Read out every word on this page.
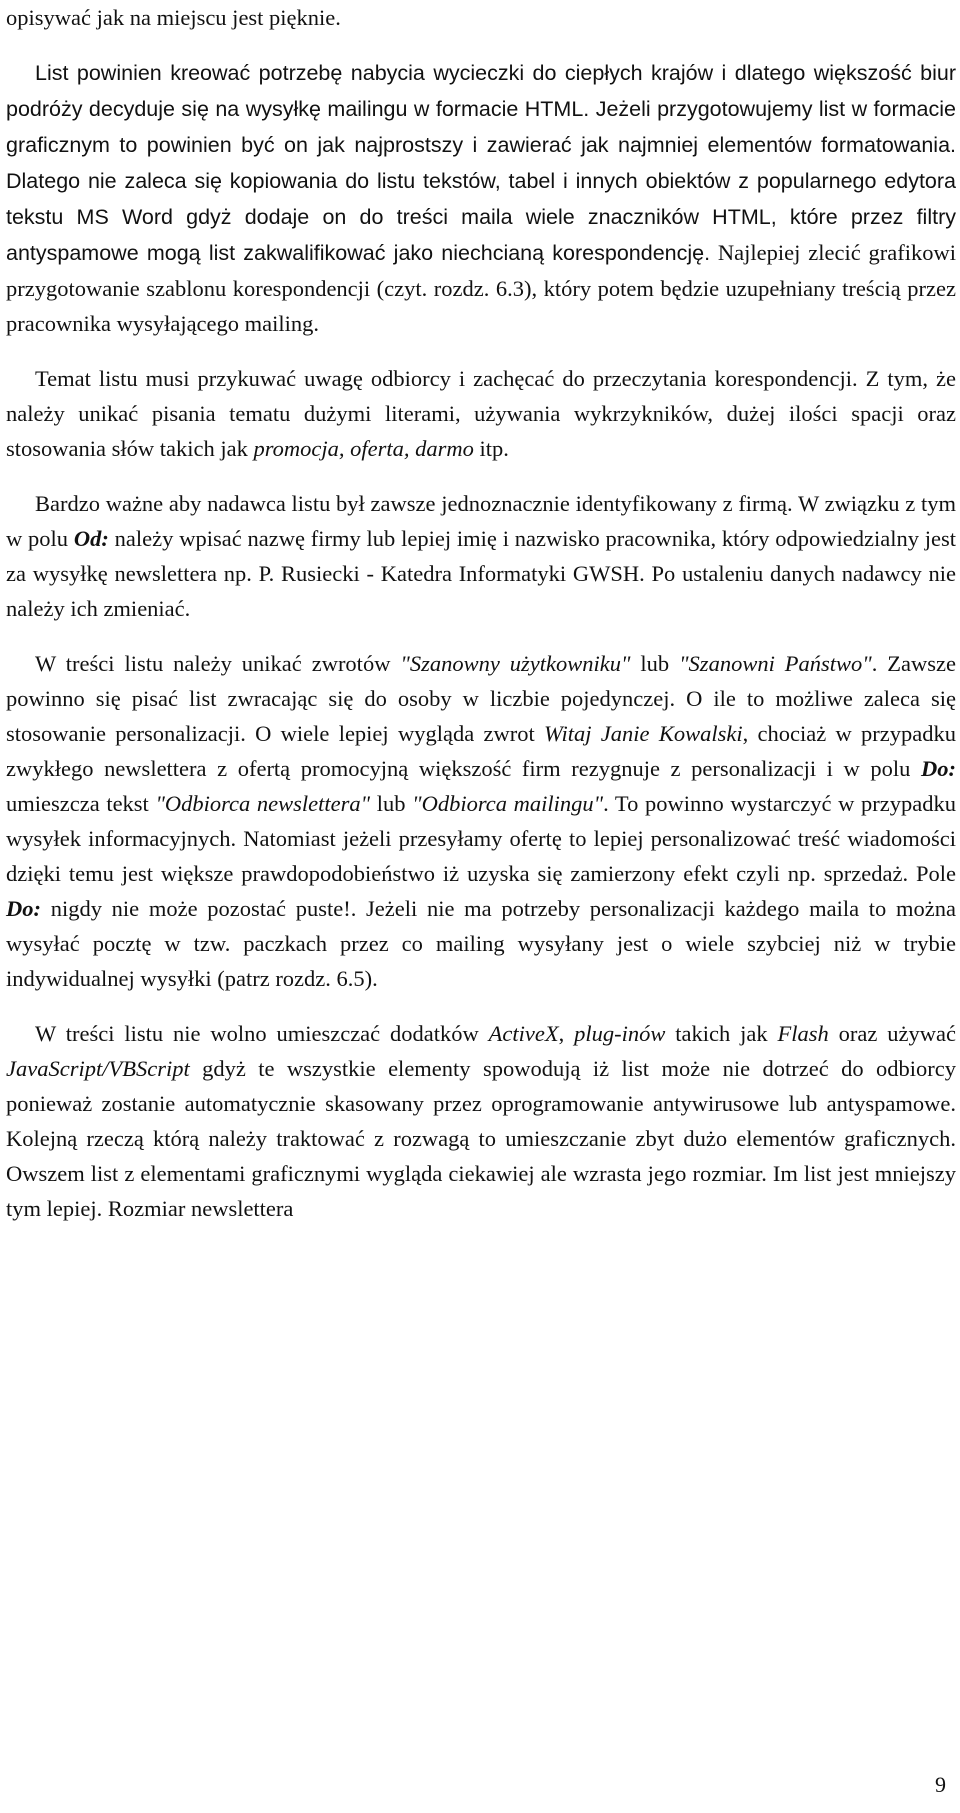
opisywać jak na miejscu jest pięknie.

List powinien kreować potrzebę nabycia wycieczki do ciepłych krajów i dlatego większość biur podróży decyduje się na wysyłkę mailingu w formacie HTML. Jeżeli przygotowujemy list w formacie graficznym to powinien być on jak najprostszy i zawierać jak najmniej elementów formatowania. Dlatego nie zaleca się kopiowania do listu tekstów, tabel i innych obiektów z popularnego edytora tekstu MS Word gdyż dodaje on do treści maila wiele znaczników HTML, które przez filtry antyspamowe mogą list zakwalifikować jako niechcianą korespondencję. Najlepiej zlecić grafikowi przygotowanie szablonu korespondencji (czyt. rozdz. 6.3), który potem będzie uzupełniany treścią przez pracownika wysyłającego mailing.

Temat listu musi przykuwać uwagę odbiorcy i zachęcać do przeczytania korespondencji. Z tym, że należy unikać pisania tematu dużymi literami, używania wykrzykników, dużej ilości spacji oraz stosowania słów takich jak promocja, oferta, darmo itp.

Bardzo ważne aby nadawca listu był zawsze jednoznacznie identyfikowany z firmą. W związku z tym w polu Od: należy wpisać nazwę firmy lub lepiej imię i nazwisko pracownika, który odpowiedzialny jest za wysyłkę newslettera np. P. Rusiecki - Katedra Informatyki GWSH. Po ustaleniu danych nadawcy nie należy ich zmieniać.

W treści listu należy unikać zwrotów "Szanowny użytkowniku" lub "Szanowni Państwo". Zawsze powinno się pisać list zwracając się do osoby w liczbie pojedynczej. O ile to możliwe zaleca się stosowanie personalizacji. O wiele lepiej wygląda zwrot Witaj Janie Kowalski, chociaż w przypadku zwykłego newslettera z ofertą promocyjną większość firm rezygnuje z personalizacji i w polu Do: umieszcza tekst "Odbiorca newslettera" lub "Odbiorca mailingu". To powinno wystarczyć w przypadku wysyłek informacyjnych. Natomiast jeżeli przesyłamy ofertę to lepiej personalizować treść wiadomości dzięki temu jest większe prawdopodobieństwo iż uzyska się zamierzony efekt czyli np. sprzedaż. Pole Do: nigdy nie może pozostać puste!. Jeżeli nie ma potrzeby personalizacji każdego maila to można wysyłać pocztę w tzw. paczkach przez co mailing wysyłany jest o wiele szybciej niż w trybie indywidualnej wysyłki (patrz rozdz. 6.5).

W treści listu nie wolno umieszczać dodatków ActiveX, plug-inów takich jak Flash oraz używać JavaScript/VBScript gdyż te wszystkie elementy spowodują iż list może nie dotrzeć do odbiorcy ponieważ zostanie automatycznie skasowany przez oprogramowanie antywirusowe lub antyspamowe. Kolejną rzeczą którą należy traktować z rozwagą to umieszczanie zbyt dużo elementów graficznych. Owszem list z elementami graficznymi wygląda ciekawiej ale wzrasta jego rozmiar. Im list jest mniejszy tym lepiej. Rozmiar newslettera

9
